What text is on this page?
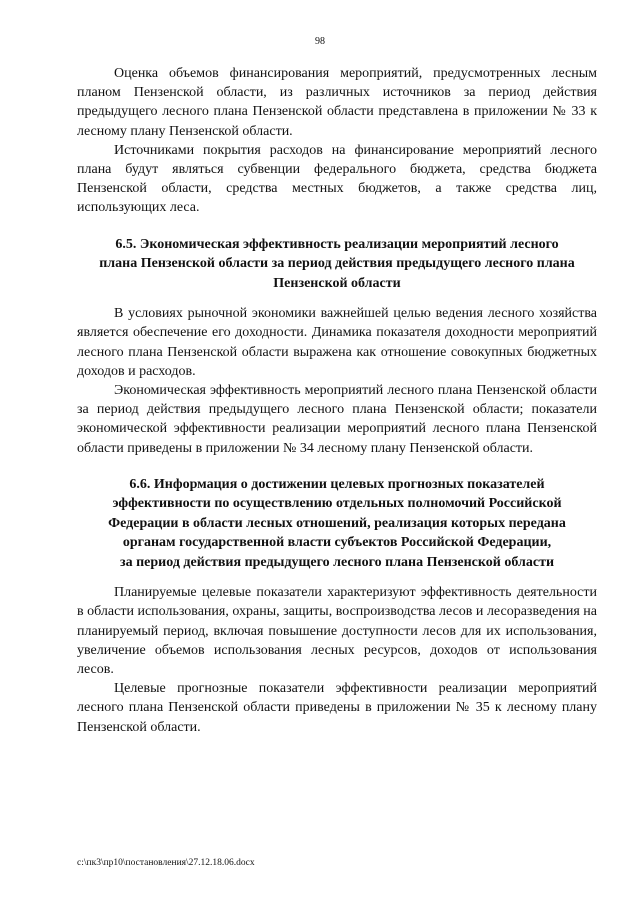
98

Оценка объемов финансирования мероприятий, предусмотренных лесным планом Пензенской области, из различных источников за период действия предыдущего лесного плана Пензенской области представлена в приложении № 33 к лесному плану Пензенской области.

Источниками покрытия расходов на финансирование мероприятий лесного плана будут являться субвенции федерального бюджета, средства бюджета Пензенской области, средства местных бюджетов, а также средства лиц, использующих леса.

6.5. Экономическая эффективность реализации мероприятий лесного
плана Пензенской области за период действия предыдущего лесного плана
Пензенской области

В условиях рыночной экономики важнейшей целью ведения лесного хозяйства является обеспечение его доходности. Динамика показателя доходности мероприятий лесного плана Пензенской области выражена как отношение совокупных бюджетных доходов и расходов.

Экономическая эффективность мероприятий лесного плана Пензенской области за период действия предыдущего лесного плана Пензенской области; показатели экономической эффективности реализации мероприятий лесного плана Пензенской области приведены в приложении № 34 лесному плану Пензенской области.

6.6. Информация о достижении целевых прогнозных показателей
эффективности по осуществлению отдельных полномочий Российской
Федерации в области лесных отношений, реализация которых передана
органам государственной власти субъектов Российской Федерации,
за период действия предыдущего лесного плана Пензенской области

Планируемые целевые показатели характеризуют эффективность деятельности в области использования, охраны, защиты, воспроизводства лесов и лесоразведения на планируемый период, включая повышение доступности лесов для их использования, увеличение объемов использования лесных ресурсов, доходов от использования лесов.

Целевые прогнозные показатели эффективности реализации мероприятий лесного плана Пензенской области приведены в приложении № 35 к лесному плану Пензенской области.

c:\пк3\пр10\постановления\27.12.18.06.docx
